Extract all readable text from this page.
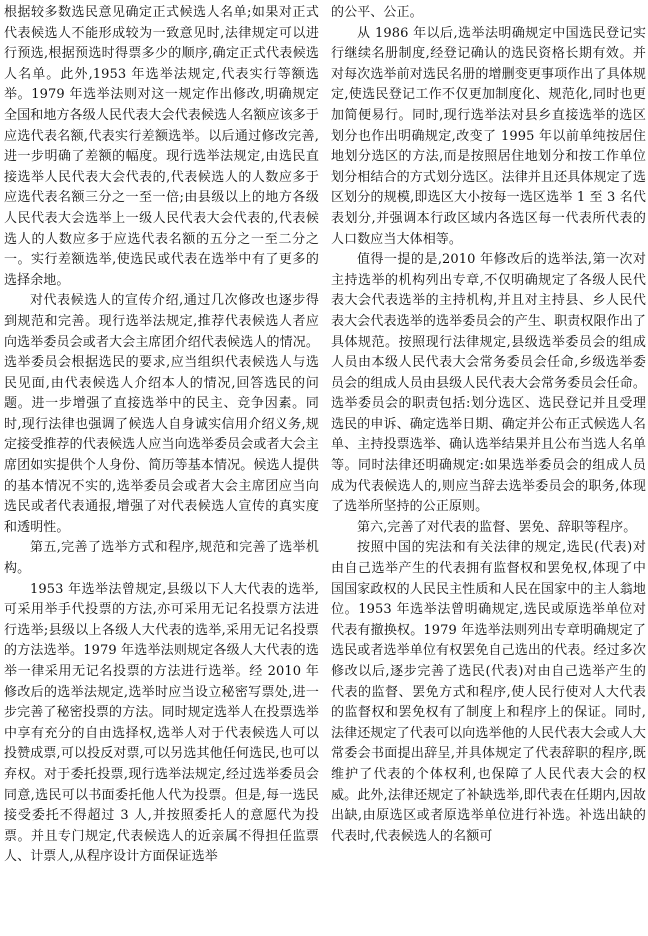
根据较多数选民意见确定正式候选人名单;如果对正式代表候选人不能形成较为一致意见时,法律规定可以进行预选,根据预选时得票多少的顺序,确定正式代表候选人名单。此外,1953 年选举法规定,代表实行等额选举。1979 年选举法则对这一规定作出修改,明确规定全国和地方各级人民代表大会代表候选人名额应该多于应选代表名额,代表实行差额选举。以后通过修改完善,进一步明确了差额的幅度。现行选举法规定,由选民直接选举人民代表大会代表的,代表候选人的人数应多于应选代表名额三分之一至一倍;由县级以上的地方各级人民代表大会选举上一级人民代表大会代表的,代表候选人的人数应多于应选代表名额的五分之一至二分之一。实行差额选举,使选民或代表在选举中有了更多的选择余地。

对代表候选人的宣传介绍,通过几次修改也逐步得到规范和完善。现行选举法规定,推荐代表候选人者应向选举委员会或者大会主席团介绍代表候选人的情况。选举委员会根据选民的要求,应当组织代表候选人与选民见面,由代表候选人介绍本人的情况,回答选民的问题。进一步增强了直接选举中的民主、竞争因素。同时,现行法律也强调了候选人自身诚实信用介绍义务,规定接受推荐的代表候选人应当向选举委员会或者大会主席团如实提供个人身份、简历等基本情况。候选人提供的基本情况不实的,选举委员会或者大会主席团应当向选民或者代表通报,增强了对代表候选人宣传的真实度和透明性。

第五,完善了选举方式和程序,规范和完善了选举机构。

1953 年选举法曾规定,县级以下人大代表的选举,可采用举手代投票的方法,亦可采用无记名投票方法进行选举;县级以上各级人大代表的选举,采用无记名投票的方法选举。1979 年选举法则规定各级人大代表的选举一律采用无记名投票的方法进行选举。经 2010 年修改后的选举法规定,选举时应当设立秘密写票处,进一步完善了秘密投票的方法。同时规定选举人在投票选举中享有充分的自由选择权,选举人对于代表候选人可以投赞成票,可以投反对票,可以另选其他任何选民,也可以弃权。对于委托投票,现行选举法规定,经过选举委员会同意,选民可以书面委托他人代为投票。但是,每一选民接受委托不得超过 3 人,并按照委托人的意愿代为投票。并且专门规定,代表候选人的近亲属不得担任监票人、计票人,从程序设计方面保证选举

的公平、公正。

从 1986 年以后,选举法明确规定中国选民登记实行继续名册制度,经登记确认的选民资格长期有效。并对每次选举前对选民名册的增删变更事项作出了具体规定,使选民登记工作不仅更加制度化、规范化,同时也更加简便易行。同时,现行选举法对县乡直接选举的选区划分也作出明确规定,改变了 1995 年以前单纯按居住地划分选区的方法,而是按照居住地划分和按工作单位划分相结合的方式划分选区。法律并且还具体规定了选区划分的规模,即选区大小按每一选区选举 1 至 3 名代表划分,并强调本行政区域内各选区每一代表所代表的人口数应当大体相等。

值得一提的是,2010 年修改后的选举法,第一次对主持选举的机构列出专章,不仅明确规定了各级人民代表大会代表选举的主持机构,并且对主持县、乡人民代表大会代表选举的选举委员会的产生、职责权限作出了具体规范。按照现行法律规定,县级选举委员会的组成人员由本级人民代表大会常务委员会任命,乡级选举委员会的组成人员由县级人民代表大会常务委员会任命。选举委员会的职责包括:划分选区、选民登记并且受理选民的申诉、确定选举日期、确定并公布正式候选人名单、主持投票选举、确认选举结果并且公布当选人名单等。同时法律还明确规定:如果选举委员会的组成人员成为代表候选人的,则应当辞去选举委员会的职务,体现了选举所坚持的公正原则。

第六,完善了对代表的监督、罢免、辞职等程序。

按照中国的宪法和有关法律的规定,选民(代表)对由自己选举产生的代表拥有监督权和罢免权,体现了中国国家政权的人民民主性质和人民在国家中的主人翁地位。1953 年选举法曾明确规定,选民或原选举单位对代表有撤换权。1979 年选举法则列出专章明确规定了选民或者选举单位有权罢免自己选出的代表。经过多次修改以后,逐步完善了选民(代表)对由自己选举产生的代表的监督、罢免方式和程序,使人民行使对人大代表的监督权和罢免权有了制度上和程序上的保证。同时,法律还规定了代表可以向选举他的人民代表大会或人大常委会书面提出辞呈,并具体规定了代表辞职的程序,既维护了代表的个体权利,也保障了人民代表大会的权威。此外,法律还规定了补缺选举,即代表在任期内,因故出缺,由原选区或者原选举单位进行补选。补选出缺的代表时,代表候选人的名额可
